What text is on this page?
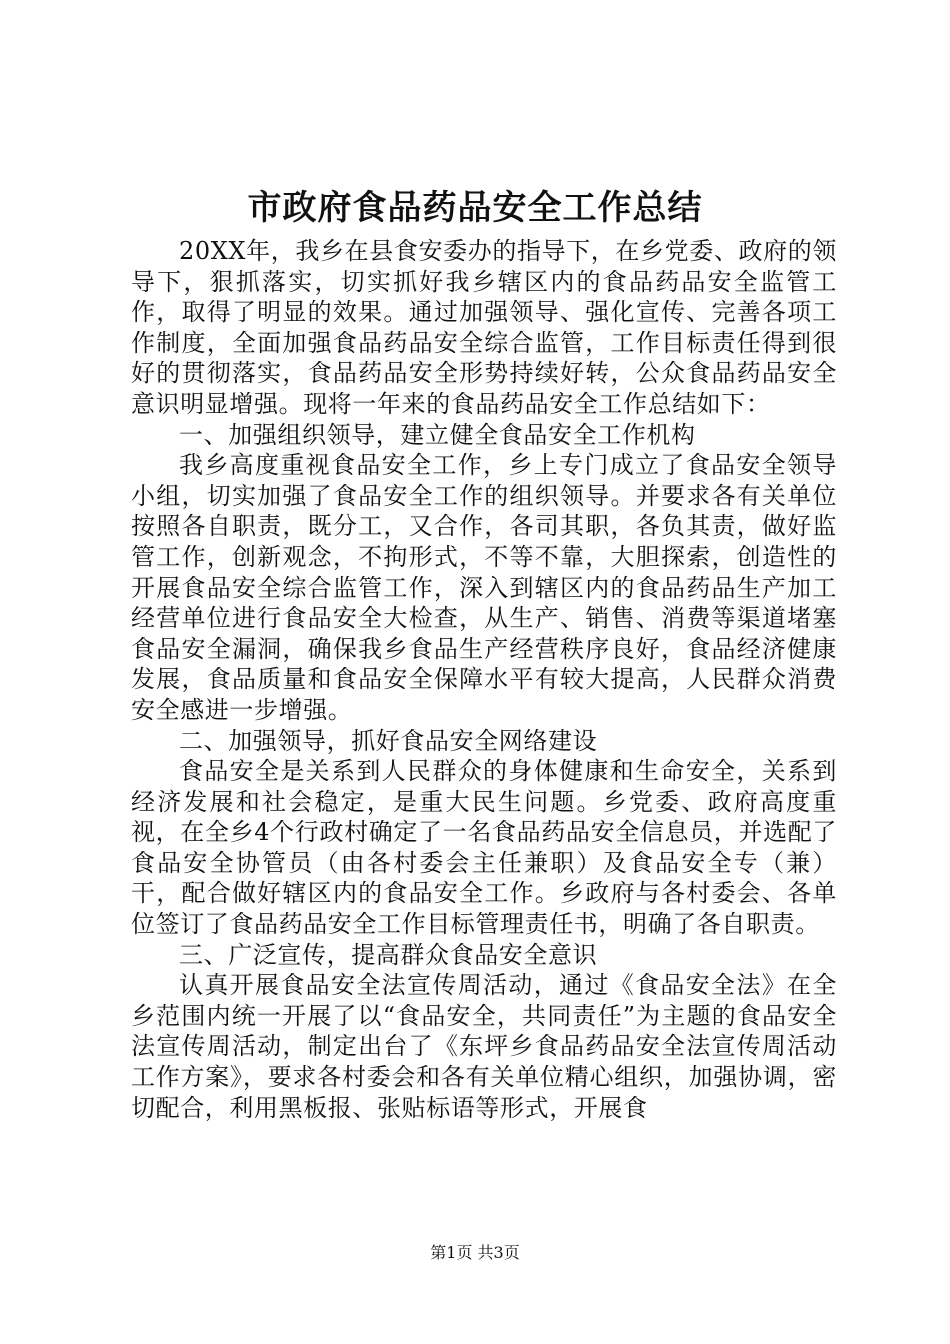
市政府食品药品安全工作总结

20XX年，我乡在县食安委办的指导下，在乡党委、政府的领导下，狠抓落实，切实抓好我乡辖区内的食品药品安全监管工作，取得了明显的效果。通过加强领导、强化宣传、完善各项工作制度，全面加强食品药品安全综合监管，工作目标责任得到很好的贯彻落实，食品药品安全形势持续好转，公众食品药品安全意识明显增强。现将一年来的食品药品安全工作总结如下：

一、加强组织领导，建立健全食品安全工作机构

我乡高度重视食品安全工作，乡上专门成立了食品安全领导小组，切实加强了食品安全工作的组织领导。并要求各有关单位按照各自职责，既分工，又合作，各司其职，各负其责，做好监管工作，创新观念，不拘形式，不等不靠，大胆探索，创造性的开展食品安全综合监管工作，深入到辖区内的食品药品生产加工经营单位进行食品安全大检查，从生产、销售、消费等渠道堵塞食品安全漏洞，确保我乡食品生产经营秩序良好，食品经济健康发展，食品质量和食品安全保障水平有较大提高，人民群众消费安全感进一步增强。

二、加强领导，抓好食品安全网络建设

食品安全是关系到人民群众的身体健康和生命安全，关系到经济发展和社会稳定，是重大民生问题。乡党委、政府高度重视，在全乡4个行政村确定了一名食品药品安全信息员，并选配了食品安全协管员（由各村委会主任兼职）及食品安全专（兼）干，配合做好辖区内的食品安全工作。乡政府与各村委会、各单位签订了食品药品安全工作目标管理责任书，明确了各自职责。

三、广泛宣传，提高群众食品安全意识

认真开展食品安全法宣传周活动，通过《食品安全法》在全乡范围内统一开展了以“食品安全，共同责任”为主题的食品安全法宣传周活动，制定出台了《东坪乡食品药品安全法宣传周活动工作方案》，要求各村委会和各有关单位精心组织，加强协调，密切配合，利用黑板报、张贴标语等形式，开展食

第1页 共3页
